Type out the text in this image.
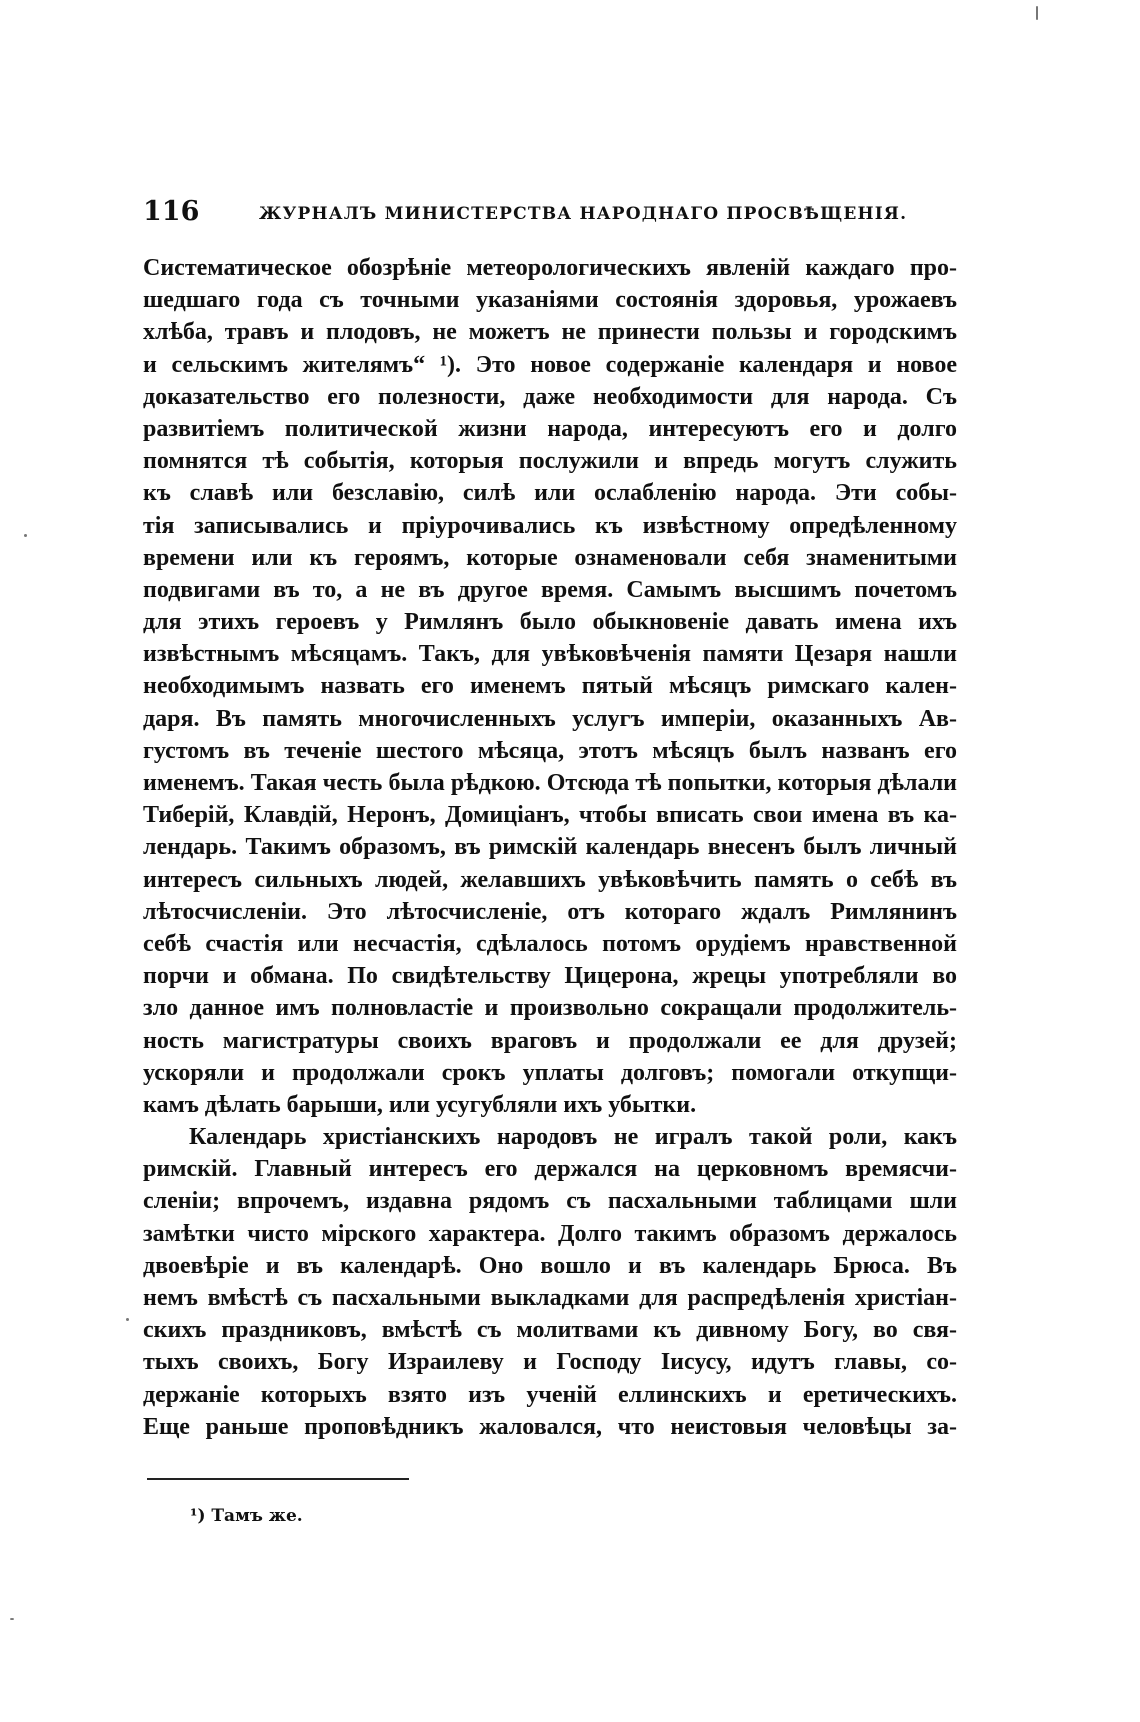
116	ЖУРНАЛЪ МИНИСТЕРСТВА НАРОДНАГО ПРОСВѢЩЕНІЯ.
Систематическое обозрѣніе метеорологическихъ явленій каждаго про-
шедшаго года съ точными указаніями состоянія здоровья, урожаевъ
хлѣба, травъ и плодовъ, не можетъ не принести пользы и городскимъ
и сельскимъ жителямъ“ ¹). Это новое содержаніе календаря и новое
доказательство его полезности, даже необходимости для народа. Съ
развитіемъ политической жизни народа, интересуютъ его и долго
помнятся тѣ событія, которыя послужили и впредь могутъ служить
къ славѣ или безславію, силѣ или ослабленію народа. Эти собы-
тія записывались и пріурочивались къ извѣстному опредѣленному
времени или къ героямъ, которые ознаменовали себя знаменитыми
подвигами въ то, а не въ другое время. Самымъ высшимъ почетомъ
для этихъ героевъ у Римлянъ было обыкновеніе давать имена ихъ
извѣстнымъ мѣсяцамъ. Такъ, для увѣковѣченія памяти Цезаря нашли
необходимымъ назвать его именемъ пятый мѣсяцъ римскаго кален-
даря. Въ память многочисленныхъ услугъ имперіи, оказанныхъ Ав-
густомъ въ теченіе шестого мѣсяца, этотъ мѣсяцъ былъ названъ его
именемъ. Такая честь была рѣдкою. Отсюда тѣ попытки, которыя дѣлали
Тиберій, Клавдій, Неронъ, Домиціанъ, чтобы вписать свои имена въ ка-
лендарь. Такимъ образомъ, въ римскій календарь внесенъ былъ личный
интересъ сильныхъ людей, желавшихъ увѣковѣчить память о себѣ въ
лѣтосчисленіи. Это лѣтосчисленіе, отъ котораго ждалъ Римлянинъ
себѣ счастія или несчастія, сдѣлалось потомъ орудіемъ нравственной
порчи и обмана. По свидѣтельству Цицерона, жрецы употребляли во
зло данное имъ полновластіе и произвольно сокращали продолжитель-
ность магистратуры своихъ враговъ и продолжали ее для друзей;
ускоряли и продолжали срокъ уплаты долговъ; помогали откупщи-
камъ дѣлать барыши, или усугубляли ихъ убытки.
Календарь христіанскихъ народовъ не игралъ такой роли, какъ
римскій. Главный интересъ его держался на церковномъ времясчи-
сленіи; впрочемъ, издавна рядомъ съ пасхальными таблицами шли
замѣтки чисто мірского характера. Долго такимъ образомъ держалось
двоевѣріе и въ календарѣ. Оно вошло и въ календарь Брюса. Въ
немъ вмѣстѣ съ пасхальными выкладками для распредѣленія христіан-
скихъ праздниковъ, вмѣстѣ съ молитвами къ дивному Богу, во свя-
тыхъ своихъ, Богу Израилеву и Господу Іисусу, идутъ главы, со-
держаніе которыхъ взято изъ ученій еллинскихъ и еретическихъ.
Еще раньше проповѣдникъ жаловался, что неистовыя человѣцы за-
¹) Тамъ же.
